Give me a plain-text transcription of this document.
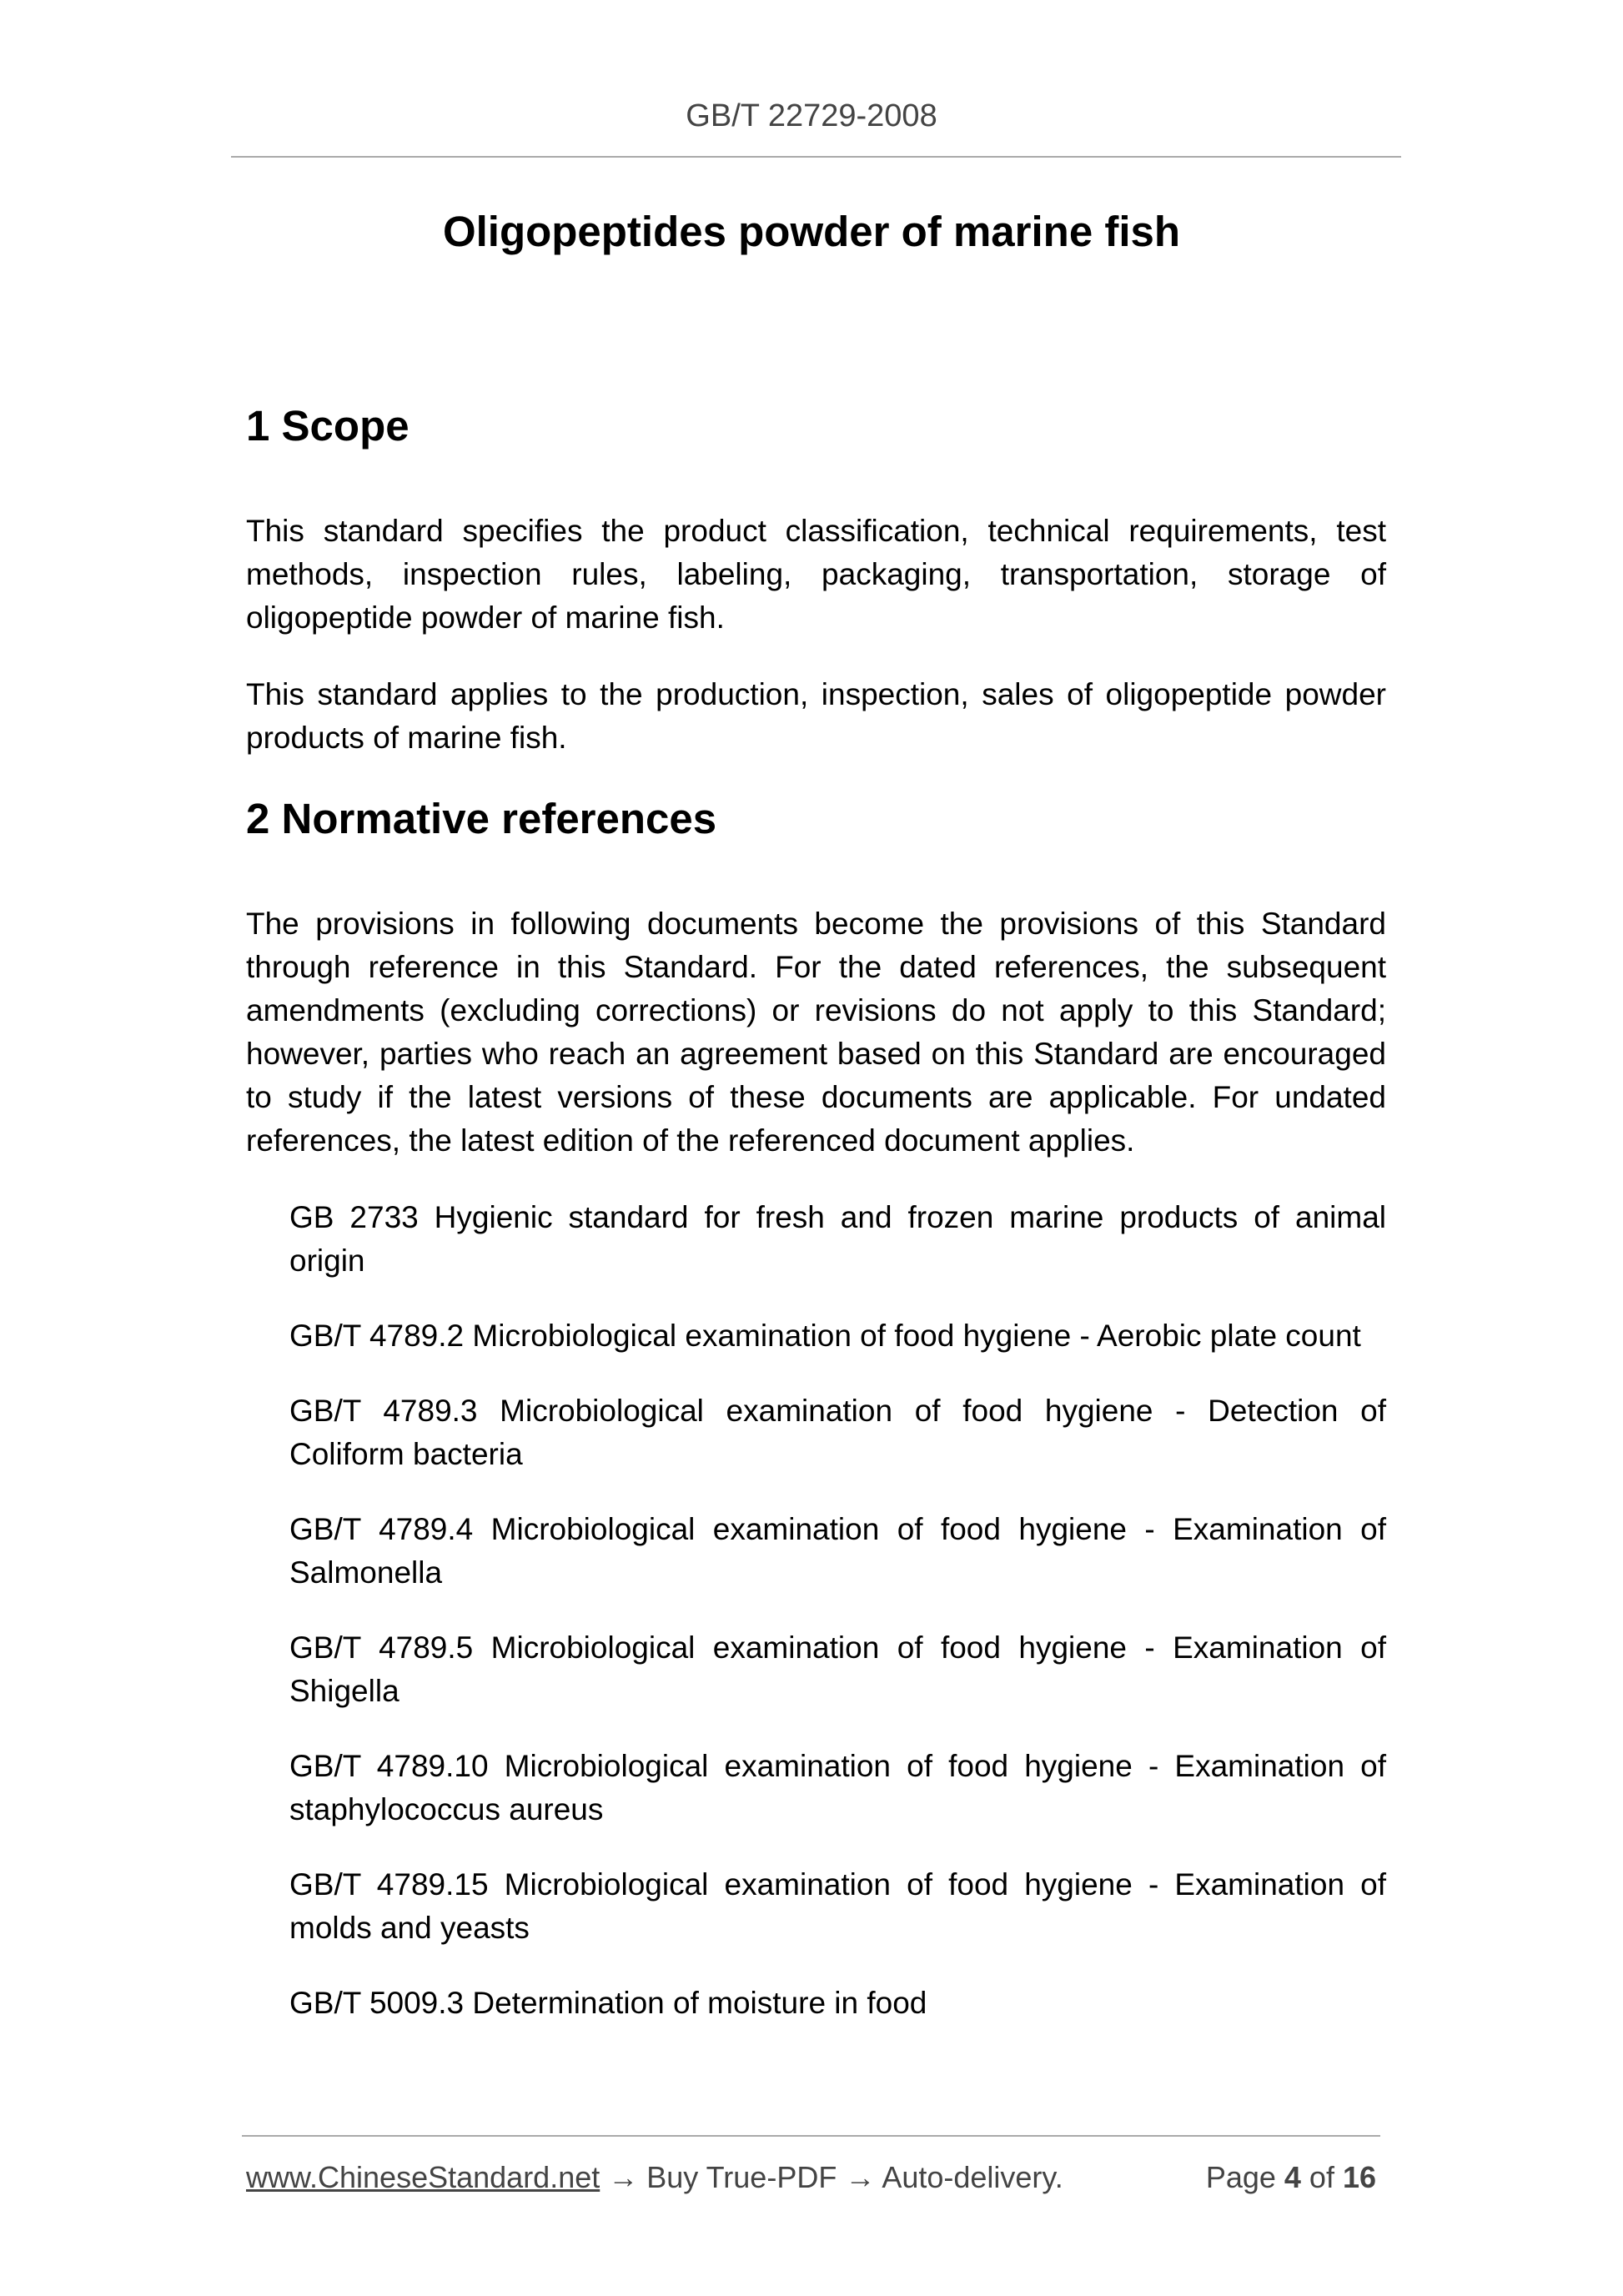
GB/T 22729-2008
Oligopeptides powder of marine fish
1 Scope

This standard specifies the product classification, technical requirements, test methods, inspection rules, labeling, packaging, transportation, storage of oligopeptide powder of marine fish.

This standard applies to the production, inspection, sales of oligopeptide powder products of marine fish.

2 Normative references

The provisions in following documents become the provisions of this Standard through reference in this Standard. For the dated references, the subsequent amendments (excluding corrections) or revisions do not apply to this Standard; however, parties who reach an agreement based on this Standard are encouraged to study if the latest versions of these documents are applicable. For undated references, the latest edition of the referenced document applies.

GB 2733 Hygienic standard for fresh and frozen marine products of animal origin
GB/T 4789.2 Microbiological examination of food hygiene - Aerobic plate count
GB/T 4789.3 Microbiological examination of food hygiene - Detection of Coliform bacteria
GB/T 4789.4 Microbiological examination of food hygiene - Examination of Salmonella
GB/T 4789.5 Microbiological examination of food hygiene - Examination of Shigella
GB/T 4789.10 Microbiological examination of food hygiene - Examination of staphylococcus aureus
GB/T 4789.15 Microbiological examination of food hygiene - Examination of molds and yeasts
GB/T 5009.3 Determination of moisture in food
www.ChineseStandard.net → Buy True-PDF → Auto-delivery.	Page 4 of 16
